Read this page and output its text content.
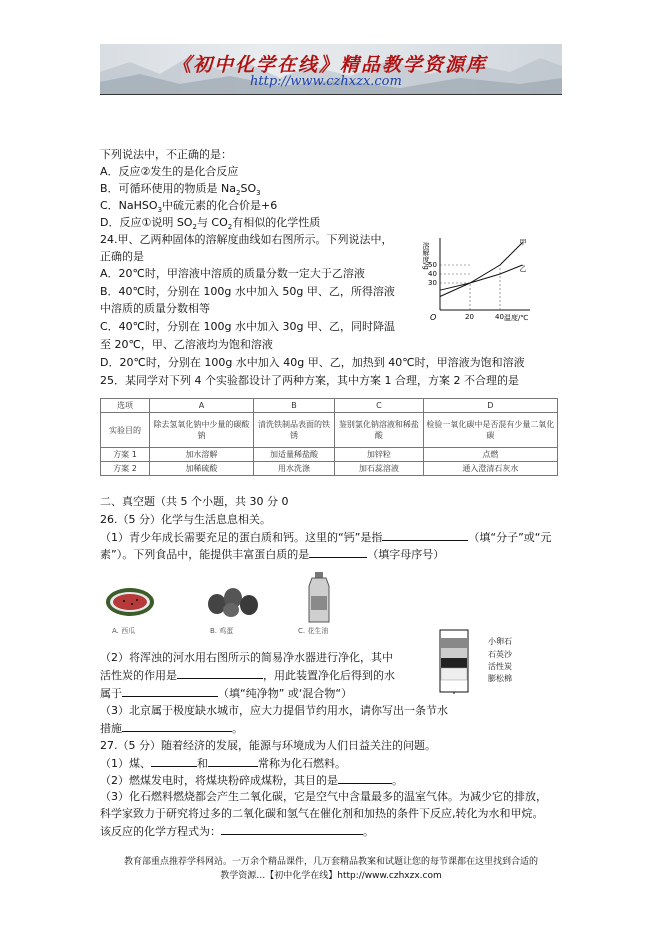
《初中化学在线》精品教学资源库
http://www.czhxzx.com
下列说法中，不正确的是：
A．反应②发生的是化合反应
B．可循环使用的物质是 $Na_2SO_3$
C．NaHSO$_3$中硫元素的化合价是+6
D．反应①说明 $SO_2$与 $CO_2$有相似的化学性质
24.甲、乙两种固体的溶解度曲线如右图所示。下列说法中，
正确的是
A．20℃时，甲溶液中溶质的质量分数一定大于乙溶液
B．40℃时，分别在 100g 水中加入 50g 甲、乙，所得溶液
中溶质的质量分数相等
C．40℃时，分别在 100g 水中加入 30g 甲、乙，同时降温
至 20℃，甲、乙溶液均为饱和溶液
D．20℃时，分别在 100g 水中加入 40g 甲、乙，加热到 40℃时，甲溶液为饱和溶液
溶解度/g
温度/℃
O	20	40
30
40
50
甲
乙
25．某同学对下列 4 个实验都设计了两种方案，其中方案 1 合理，方案 2 不合理的是
选项	A	B	C	D
实验目的	除去氢氧化钠中少量的碳酸钠	清洗铁制品表面的铁锈	鉴别氯化钠溶液和稀盐酸	检验一氧化碳中是否混有少量二氧化碳
方案 1	加水溶解	加适量稀盐酸	加锌粒	点燃
方案 2	加稀硫酸	用水洗涤	加石蕊溶液	通入澄清石灰水
二、真空题（共 5 个小题，共 30 分 0
26.（5 分）化学与生活息息相关。
（1）青少年成长需要充足的蛋白质和钙。这里的“钙”是指	（填“分子”或“元
素”）。下列食品中，能提供丰富蛋白质的是	（填字母序号）
A. 西瓜	B. 鸡蛋	C. 花生油
小卵石
石英沙
活性炭
膨松棉
（2）将浑浊的河水用右图所示的简易净水器进行净化，其中
活性炭的作用是	，用此装置净化后得到的水
属于	（填“纯净物” 或‘混合物“）
（3）北京属于极度缺水城市，应大力提倡节约用水，请你写出一条节水
措施	。
27.（5 分）随着经济的发展，能源与环境成为人们日益关注的问题。
（1）煤、	和	常称为化石燃料。
（2）燃煤发电时，将煤块粉碎成煤粉，其目的是	。
（3）化石燃料燃烧都会产生二氧化碳，它是空气中含量最多的温室气体。为减少它的排放，
科学家致力于研究将过多的二氧化碳和氢气在催化剂和加热的条件下反应,转化为水和甲烷。
该反应的化学方程式为：	。
教育部重点推荐学科网站。一万余个精品课件，几万套精品教案和试题让您的每节课都在这里找到合适的
教学资源…【初中化学在线】http://www.czhxzx.com
